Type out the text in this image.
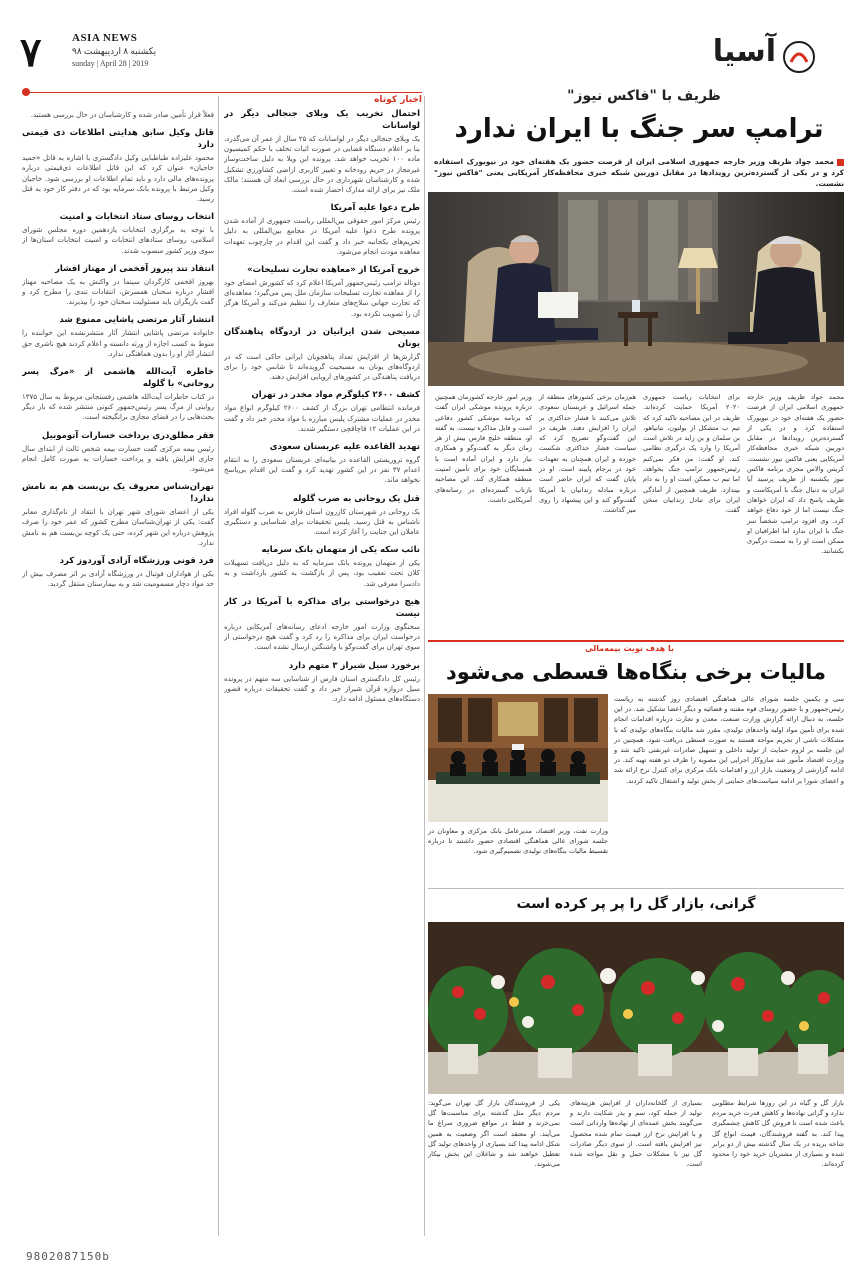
۷	ASIA NEWS
یکشنبه ۸ اردیبهشت ۹۸
sunday | April 28 | 2019	آسیا
اخبار کوتاه
احتمال تخریب یک ویلای جنجالی دیگر در لواسانات

یک ویلای جنجالی دیگر در لواسانات که ۲۵ سال از عمر آن می‌گذرد، بنا بر اعلام دستگاه قضایی در صورت اثبات تخلف با حکم کمیسیون ماده ۱۰۰ تخریب خواهد شد. پرونده این ویلا به دلیل ساخت‌وساز غیرمجاز در حریم رودخانه و تغییر کاربری اراضی کشاورزی تشکیل شده و کارشناسان شهرداری در حال بررسی ابعاد آن هستند؛ مالک ملک نیز برای ارائه مدارک احضار شده است.

طرح دعوا علیه آمریکا

رئیس مرکز امور حقوقی بین‌المللی ریاست جمهوری از آماده شدن پرونده طرح دعوا علیه آمریکا در مجامع بین‌المللی به دلیل تحریم‌های یکجانبه خبر داد و گفت این اقدام در چارچوب تعهدات معاهده مودت انجام می‌شود.

خروج آمریکا از «معاهده تجارت تسلیحات»

دونالد ترامپ رئیس‌جمهور آمریکا اعلام کرد که کشورش امضای خود را از معاهده تجارت تسلیحات سازمان ملل پس می‌گیرد؛ معاهده‌ای که تجارت جهانی سلاح‌های متعارف را تنظیم می‌کند و آمریکا هرگز آن را تصویب نکرده بود.

مسیحی شدن ایرانیان در اردوگاه پناهندگان یونان

گزارش‌ها از افزایش تعداد پناهجویان ایرانی حاکی است که در اردوگاه‌های یونان به مسیحیت گرویده‌اند تا شانس خود را برای دریافت پناهندگی در کشورهای اروپایی افزایش دهند.

کشف ۲۶۰۰ کیلوگرم مواد مخدر در تهران

فرمانده انتظامی تهران بزرگ از کشف ۲۶۰۰ کیلوگرم انواع مواد مخدر در عملیات مشترک پلیس مبارزه با مواد مخدر خبر داد و گفت در این عملیات ۱۲ قاچاقچی دستگیر شدند.

تهدید القاعده علیه عربستان سعودی

گروه تروریستی القاعده در بیانیه‌ای عربستان سعودی را به انتقام اعدام ۳۷ نفر در این کشور تهدید کرد و گفت این اقدام بی‌پاسخ نخواهد ماند.

قتل یک روحانی به ضرب گلوله

یک روحانی در شهرستان کازرون استان فارس به ضرب گلوله افراد ناشناس به قتل رسید. پلیس تحقیقات برای شناسایی و دستگیری عاملان این جنایت را آغاز کرده است.

نائب سکه یکی از متهمان بانک سرمایه

یکی از متهمان پرونده بانک سرمایه که به دلیل دریافت تسهیلات کلان تحت تعقیب بود، پس از بازگشت به کشور بازداشت و به دادسرا معرفی شد.

هیچ درخواستی برای مذاکره با آمریکا در کار نیست

سخنگوی وزارت امور خارجه ادعای رسانه‌های آمریکایی درباره درخواست ایران برای مذاکره را رد کرد و گفت هیچ درخواستی از سوی تهران برای گفت‌وگو با واشنگتن ارسال نشده است.

برخورد سیل شیراز ۳ متهم دارد

رئیس کل دادگستری استان فارس از شناسایی سه متهم در پرونده سیل دروازه قرآن شیراز خبر داد و گفت تحقیقات درباره قصور دستگاه‌های مسئول ادامه دارد.

فعلاً قرار تأمین صادر شده و کارشناسان در حال بررسی هستند.

قاتل وکیل سابق هدایتی اطلاعات ذی قیمتی دارد

محمود علیزاده طباطبایی وکیل دادگستری با اشاره به قاتل «حمید خاجیان» عنوان کرد که این قاتل اطلاعات ذی‌قیمتی درباره پرونده‌های مالی دارد و باید تمام اطلاعات او بررسی شود. خاجیان وکیل مرتبط با پرونده بانک سرمایه بود که در دفتر کار خود به قتل رسید.

انتخاب روسای ستاد انتخابات و امنیت

با توجه به برگزاری انتخابات یازدهمین دوره مجلس شورای اسلامی، روسای ستادهای انتخابات و امنیت انتخابات استان‌ها از سوی وزیر کشور منصوب شدند.

انتقاد تند پیروز آفخمی از مهناز افشار

بهروز افخمی کارگردان سینما در واکنش به یک مصاحبه مهناز افشار درباره سخنان همسرش، انتقادات تندی را مطرح کرد و گفت بازیگران باید مسئولیت سخنان خود را بپذیرند.

انتشار آثار مرتضی پاشایی ممنوع شد

خانواده مرتضی پاشایی انتشار آثار منتشرنشده این خواننده را منوط به کسب اجازه از ورثه دانسته و اعلام کردند هیچ ناشری حق انتشار آثار او را بدون هماهنگی ندارد.

خاطره آیت‌الله هاشمی از «مرگ پسر روحانی» با گلوله

در کتاب خاطرات آیت‌الله هاشمی رفسنجانی مربوط به سال ۱۳۷۵ روایتی از مرگ پسر رئیس‌جمهور کنونی منتشر شده که بار دیگر بحث‌هایی را در فضای مجازی برانگیخته است.

فقر مطلق‌دری برداخت خسارات آتوموبیل

رئیس بیمه مرکزی گفت خسارت بیمه شخص ثالث از ابتدای سال جاری افزایش یافته و پرداخت خسارات به صورت کامل انجام می‌شود.

تهران‌شناس معروف یک بن‌بست هم به نامش ندارد!

یکی از اعضای شورای شهر تهران با انتقاد از نام‌گذاری معابر گفت: یکی از تهران‌شناسان مطرح کشور که عمر خود را صرف پژوهش درباره این شهر کرده، حتی یک کوچه بن‌بست هم به نامش ندارد.

فرد قونی ورزشگاه آزادی آوردوز کرد

یکی از هواداران فوتبال در ورزشگاه آزادی بر اثر مصرف بیش از حد مواد دچار مسمومیت شد و به بیمارستان منتقل گردید.

ظریف با "فاکس نیوز"
ترامپ سر جنگ با ایران ندارد
محمد جواد ظریف وزیر خارجه جمهوری اسلامی ایران از فرصت حضور یک هفته‌ای خود در نیویورک استفاده کرد و در یکی از گسترده‌ترین رویدادها در مقابل دوربین شبکه خبری محافظه‌کار آمریکایی یعنی "فاکس نیوز" نشست.
محمد جواد ظریف وزیر خارجه جمهوری اسلامی ایران از فرصت حضور یک هفته‌ای خود در نیویورک استفاده کرد و در یکی از گسترده‌ترین رویدادها در مقابل دوربین شبکه خبری محافظه‌کار آمریکایی یعنی فاکس نیوز نشست. کریس والاس مجری برنامه فاکس نیوز یکشنبه از ظریف پرسید آیا ایران به دنبال جنگ با آمریکاست و ظریف پاسخ داد که ایران خواهان جنگ نیست اما از خود دفاع خواهد کرد. وی افزود ترامپ شخصاً سر جنگ با ایران ندارد اما اطرافیان او ممکن است او را به سمت درگیری بکشانند.
برای انتخابات ریاست جمهوری ۲۰۲۰ آمریکا حمایت کرده‌اند. ظریف در این مصاحبه تاکید کرد که تیم ب متشکل از بولتون، نتانیاهو، بن سلمان و بن زاید در تلاش است آمریکا را وارد یک درگیری نظامی کند. او گفت: من فکر نمی‌کنم رئیس‌جمهور ترامپ جنگ بخواهد، اما تیم ب ممکن است او را به دام بیندازد. ظریف همچنین از آمادگی ایران برای تبادل زندانیان سخن گفت.
هم‌زمان برخی کشورهای منطقه از جمله اسرائیل و عربستان سعودی تلاش می‌کنند تا فشار حداکثری بر ایران را افزایش دهند. ظریف در این گفت‌وگو تصریح کرد که سیاست فشار حداکثری شکست خورده و ایران همچنان به تعهدات خود در برجام پایبند است. او در پایان گفت که ایران حاضر است درباره مبادله زندانیان با آمریکا گفت‌وگو کند و این پیشنهاد را روی میز گذاشت.
وزیر امور خارجه کشورمان همچنین درباره پرونده موشکی ایران گفت که برنامه موشکی کشور دفاعی است و قابل مذاکره نیست. به گفته او، منطقه خلیج فارس بیش از هر زمان دیگر به گفت‌وگو و همکاری نیاز دارد و ایران آماده است با همسایگان خود برای تأمین امنیت منطقه همکاری کند. این مصاحبه بازتاب گسترده‌ای در رسانه‌های آمریکایی داشت.
با هدف نوبت بیمه‌مالی
مالیات برخی بنگاه‌ها قسطی می‌شود
وزارت نفت، وزیر اقتصاد، مدیرعامل بانک مرکزی و معاونان در جلسه شورای عالی هماهنگی اقتصادی حضور داشتند تا درباره تقسیط مالیات بنگاه‌های تولیدی تصمیم‌گیری شود.
سی و یکمین جلسه شورای عالی هماهنگی اقتصادی روز گذشته به ریاست رئیس‌جمهور و با حضور روسای قوه مقننه و قضائیه و دیگر اعضا تشکیل شد. در این جلسه، به دنبال ارائه گزارش وزارت صنعت، معدن و تجارت درباره اقدامات انجام شده برای تأمین مواد اولیه واحدهای تولیدی، مقرر شد مالیات بنگاه‌های تولیدی که با مشکلات ناشی از تحریم مواجه هستند به صورت قسطی دریافت شود. همچنین در این جلسه بر لزوم حمایت از تولید داخلی و تسهیل صادرات غیرنفتی تاکید شد و وزارت اقتصاد مأمور شد سازوکار اجرایی این مصوبه را ظرف دو هفته تهیه کند. در ادامه گزارشی از وضعیت بازار ارز و اقدامات بانک مرکزی برای کنترل نرخ ارائه شد و اعضای شورا بر ادامه سیاست‌های حمایتی از بخش تولید و اشتغال تاکید کردند.
گرانی، بازار گل را پر پر کرده است
بازار گل و گیاه در این روزها شرایط مطلوبی ندارد و گرانی نهاده‌ها و کاهش قدرت خرید مردم باعث شده است تا فروش گل کاهش چشمگیری پیدا کند. به گفته فروشندگان، قیمت انواع گل شاخه بریده در یک سال گذشته بیش از دو برابر شده و بسیاری از مشتریان خرید خود را محدود کرده‌اند.
بسیاری از گلخانه‌داران از افزایش هزینه‌های تولید از جمله کود، سم و بذر شکایت دارند و می‌گویند بخش عمده‌ای از نهاده‌ها وارداتی است و با افزایش نرخ ارز قیمت تمام شده محصول نیز افزایش یافته است. از سوی دیگر صادرات گل نیز با مشکلات حمل و نقل مواجه شده است.
یکی از فروشندگان بازار گل تهران می‌گوید: مردم دیگر مثل گذشته برای مناسبت‌ها گل نمی‌خرند و فقط در مواقع ضروری سراغ ما می‌آیند. او معتقد است اگر وضعیت به همین شکل ادامه پیدا کند بسیاری از واحدهای تولید گل تعطیل خواهند شد و شاغلان این بخش بیکار می‌شوند.
9802087150b
